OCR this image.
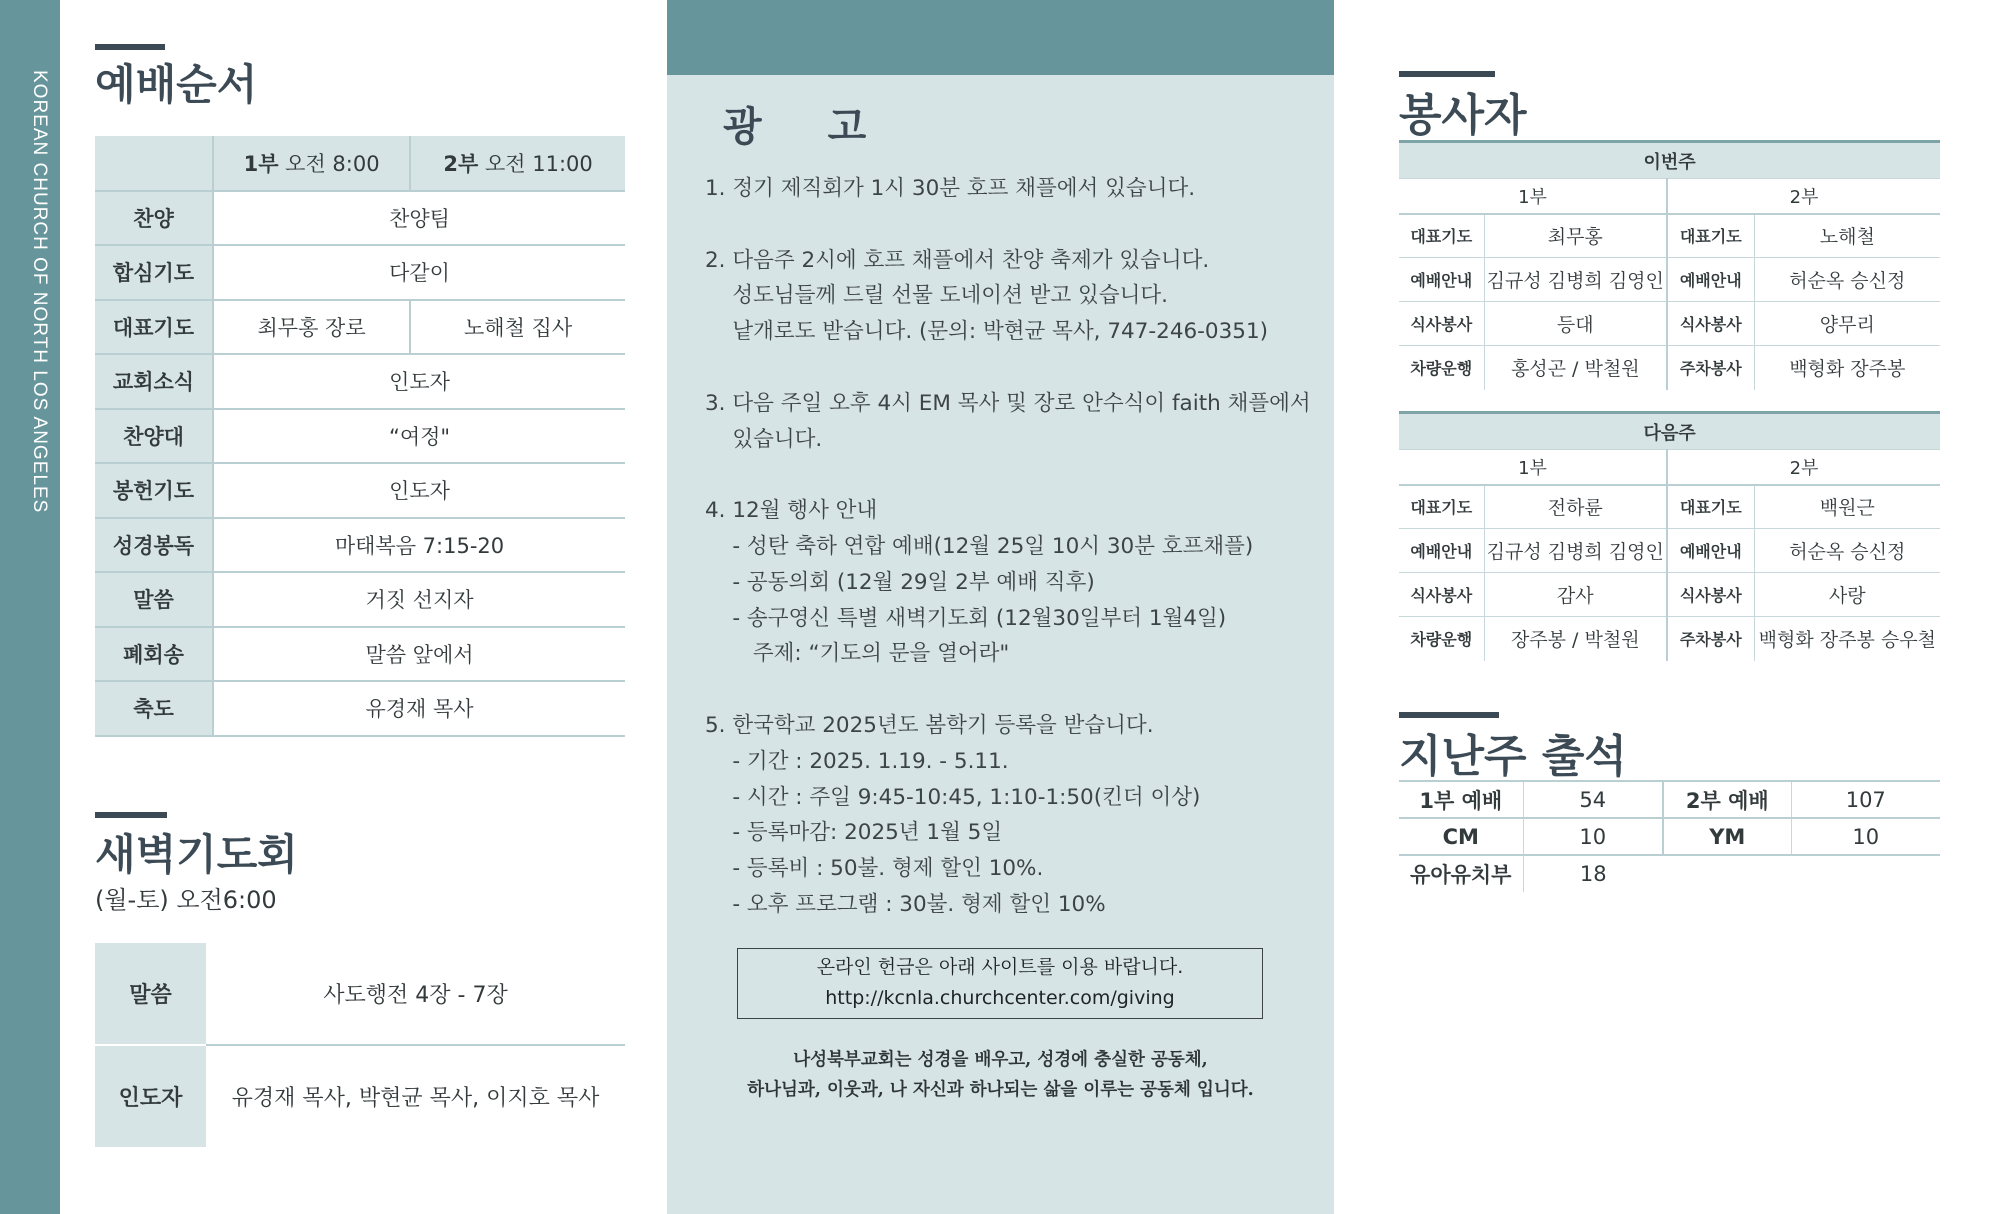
KOREAN CHURCH OF NORTH LOS ANGELES 예배순서
	1부 오전 8:00	2부 오전 11:00
찬양	찬양팀	
합심기도	다같이	
대표기도	최무홍 장로	노해철 집사
교회소식	인도자	
찬양대	“여정"	
봉헌기도	인도자	
성경봉독	마태복음 7:15-20	
말씀	거짓 선지자	
폐회송	말씀 앞에서	
축도	유경재 목사	
새벽기도회
(월-토) 오전6:00
말씀	사도행전 4장 - 7장
인도자	유경재 목사, 박현균 목사, 이지호 목사
광 고
1. 정기 제직회가 1시 30분 호프 채플에서 있습니다.
2. 다음주 2시에 호프 채플에서 찬양 축제가 있습니다.
성도님들께 드릴 선물 도네이션 받고 있습니다.
낱개로도 받습니다. (문의: 박현균 목사, 747-246-0351)
3. 다음 주일 오후 4시 EM 목사 및 장로 안수식이 faith 채플에서
있습니다.
4. 12월 행사 안내
- 성탄 축하 연합 예배(12월 25일 10시 30분 호프채플)
- 공동의회 (12월 29일 2부 예배 직후)
- 송구영신 특별 새벽기도회 (12월30일부터 1월4일)
주제: “기도의 문을 열어라"
5. 한국학교 2025년도 봄학기 등록을 받습니다.
- 기간 : 2025. 1.19. - 5.11.
- 시간 : 주일 9:45-10:45, 1:10-1:50(킨더 이상)
- 등록마감: 2025년 1월 5일
- 등록비 : 50불. 형제 할인 10%.
- 오후 프로그램 : 30불. 형제 할인 10%
온라인 헌금은 아래 사이트를 이용 바랍니다.
http://kcnla.churchcenter.com/giving
나성북부교회는 성경을 배우고, 성경에 충실한 공동체,
하나님과, 이웃과, 나 자신과 하나되는 삶을 이루는 공동체 입니다.
봉사자
이번주			
1부		2부	
대표기도	최무홍	대표기도	노해철
예배안내	김규성 김병희 김영인	예배안내	허순옥 승신정
식사봉사	등대	식사봉사	양무리
차량운행	홍성곤 / 박철원	주차봉사	백형화 장주봉
다음주			
1부		2부	
대표기도	전하륜	대표기도	백원근
예배안내	김규성 김병희 김영인	예배안내	허순옥 승신정
식사봉사	감사	식사봉사	사랑
차량운행	장주봉 / 박철원	주차봉사	백형화 장주봉 승우철
지난주 출석
1부 예배	54	2부 예배	107
CM	10	YM	10
유아유치부	18		
